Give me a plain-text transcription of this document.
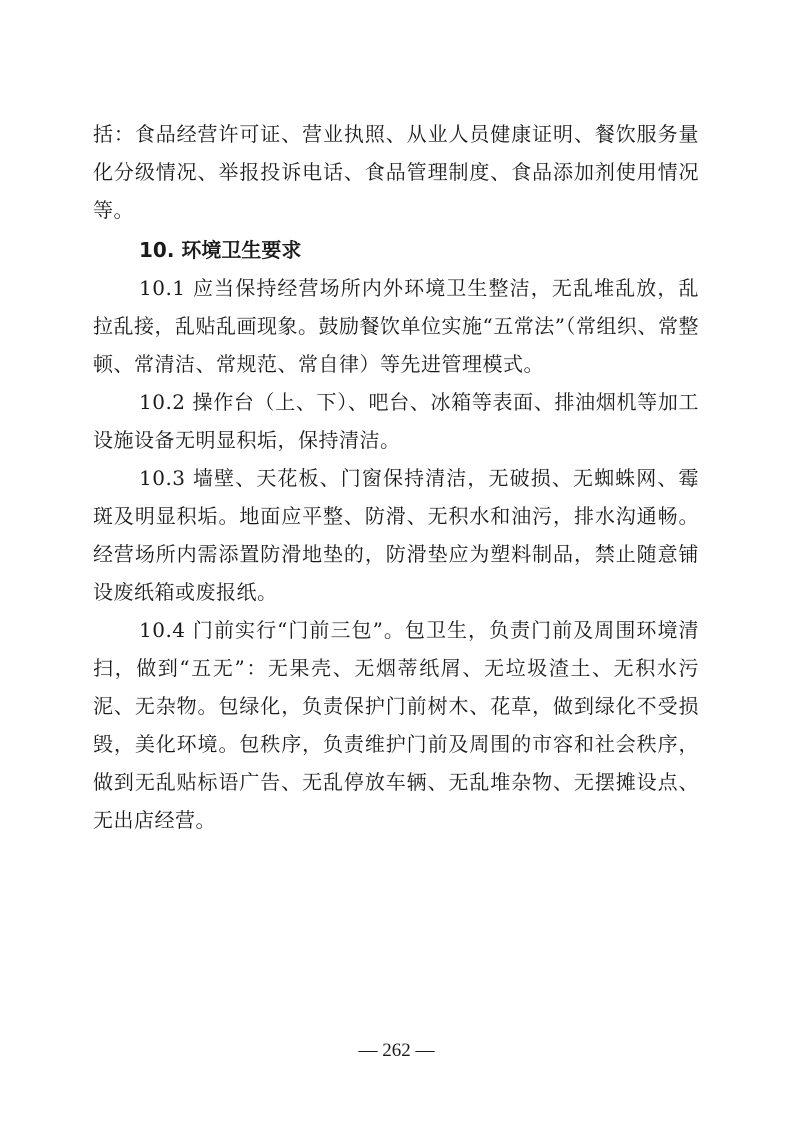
括：食品经营许可证、营业执照、从业人员健康证明、餐饮服务量化分级情况、举报投诉电话、食品管理制度、食品添加剂使用情况等。

10. 环境卫生要求

10.1 应当保持经营场所内外环境卫生整洁，无乱堆乱放，乱拉乱接，乱贴乱画现象。鼓励餐饮单位实施“五常法”（常组织、常整顿、常清洁、常规范、常自律）等先进管理模式。

10.2 操作台（上、下）、吧台、冰箱等表面、排油烟机等加工设施设备无明显积垢，保持清洁。

10.3 墙壁、天花板、门窗保持清洁，无破损、无蜘蛛网、霉斑及明显积垢。地面应平整、防滑、无积水和油污，排水沟通畅。经营场所内需添置防滑地垫的，防滑垫应为塑料制品，禁止随意铺设废纸箱或废报纸。

10.4 门前实行“门前三包”。包卫生，负责门前及周围环境清扫，做到“五无”：无果壳、无烟蒂纸屑、无垃圾渣土、无积水污泥、无杂物。包绿化，负责保护门前树木、花草，做到绿化不受损毁，美化环境。包秩序，负责维护门前及周围的市容和社会秩序，做到无乱贴标语广告、无乱停放车辆、无乱堆杂物、无摆摊设点、无出店经营。

— 262 —
